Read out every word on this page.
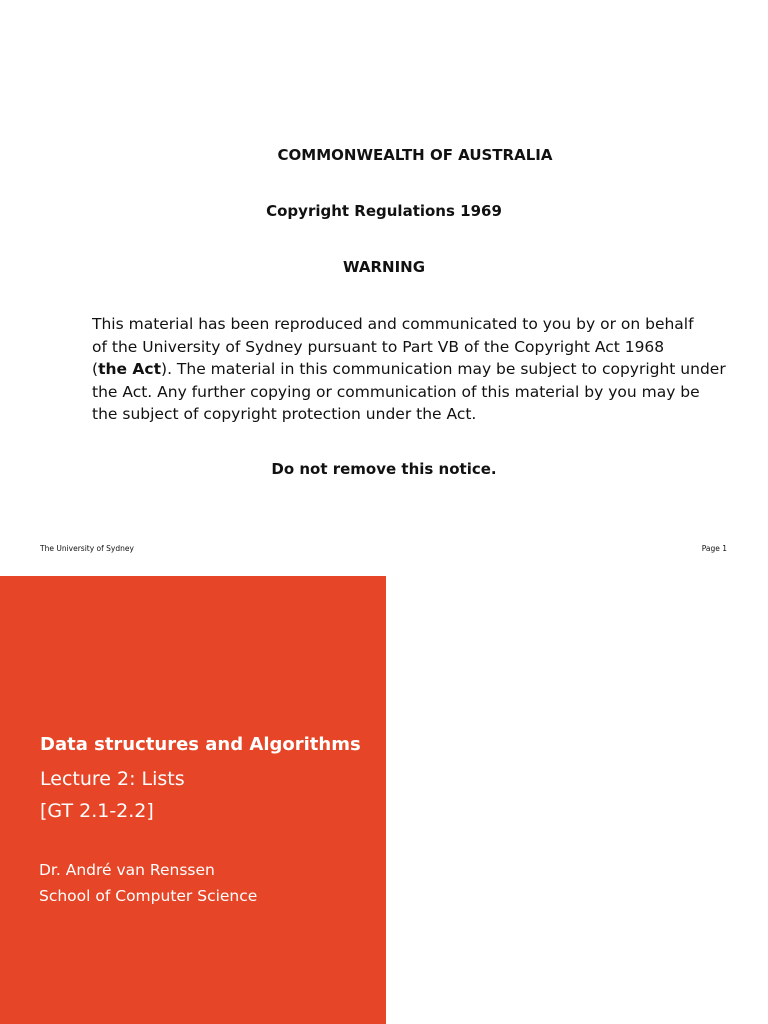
COMMONWEALTH OF AUSTRALIA
Copyright Regulations 1969
WARNING
This material has been reproduced and communicated to you by or on behalf
of the University of Sydney pursuant to Part VB of the Copyright Act 1968
(the Act). The material in this communication may be subject to copyright under
the Act. Any further copying or communication of this material by you may be
the subject of copyright protection under the Act.
Do not remove this notice.
The University of Sydney	Page 1
Data structures and Algorithms
Lecture 2: Lists
[GT 2.1-2.2]
Dr. André van Renssen
School of Computer Science
